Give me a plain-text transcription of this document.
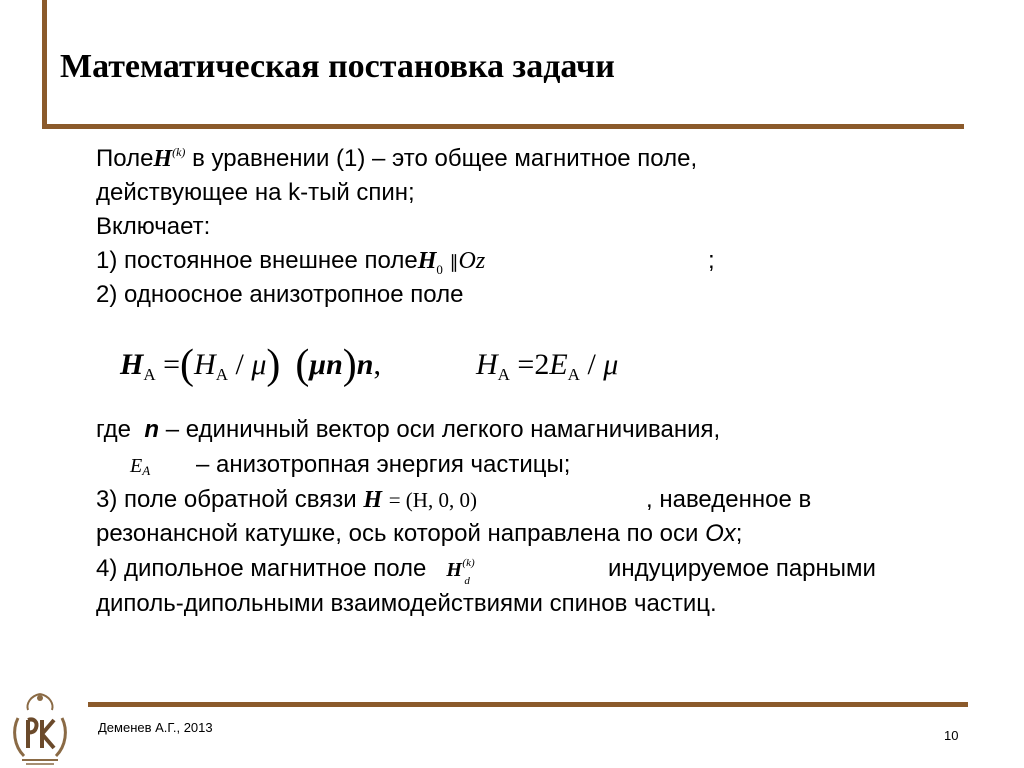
Математическая постановка задачи
ПолеH$^{(k)}$ в уравнении (1) – это общее магнитное поле,
действующее на k-тый спин;
Включает:
1) постоянное внешнее полеH$_0$ ∥Oz	;
2) одноосное анизотропное поле
где n – единичный вектор оси легкого намагничивания,
EA – анизотропная энергия частицы;
3) поле обратной связи H = (H, 0, 0)	, наведенное в
резонансной катушке, ось которой направлена по оси Ox;
4) дипольное магнитное поле H (k)
d	индуцируемое парными
диполь-дипольными взаимодействиями спинов частиц.
$H_A =(H_A / \mu)$ (μn)n,	$H_A =2E_A / \mu$
Деменев А.Г., 2013
10
